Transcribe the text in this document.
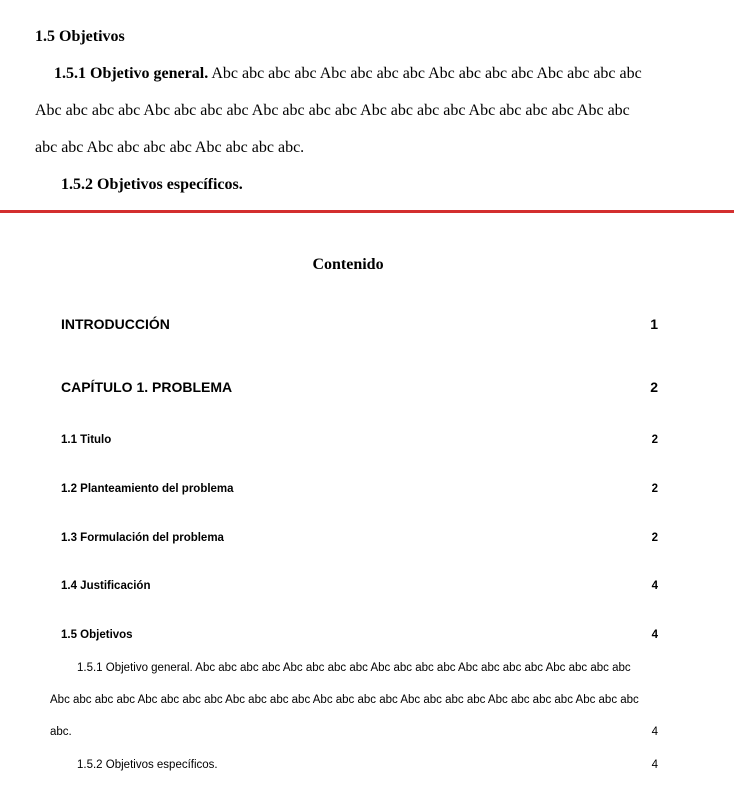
1.5 Objetivos
1.5.1 Objetivo general. Abc abc abc abc Abc abc abc abc Abc abc abc abc Abc abc abc abc
Abc abc abc abc Abc abc abc abc Abc abc abc abc Abc abc abc abc Abc abc abc abc Abc abc
abc abc Abc abc abc abc Abc abc abc abc.
1.5.2 Objetivos específicos.
Contenido
INTRODUCCIÓN	1
CAPÍTULO 1. PROBLEMA	2
1.1 Titulo	2
1.2 Planteamiento del problema	2
1.3 Formulación del problema	2
1.4 Justificación	4
1.5 Objetivos	4
1.5.1 Objetivo general. Abc abc abc abc Abc abc abc abc Abc abc abc abc Abc abc abc abc Abc abc abc abc
Abc abc abc abc Abc abc abc abc Abc abc abc abc Abc abc abc abc Abc abc abc abc Abc abc abc abc Abc abc abc
abc.	4
1.5.2 Objetivos específicos.	4
